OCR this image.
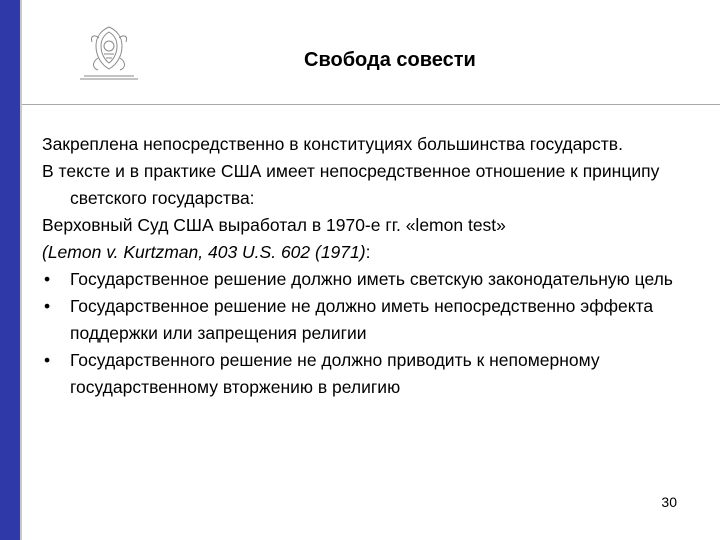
Свобода совести

Закреплена непосредственно в конституциях большинства государств.

В тексте и в практике США имеет непосредственное отношение к принципу светского государства:

Верховный Суд США выработал в 1970-е гг. «lemon test»

(Lemon v. Kurtzman, 403 U.S. 602 (1971):

• Государственное решение должно иметь светскую законодательную цель
• Государственное решение не должно иметь непосредственно эффекта поддержки или запрещения религии
• Государственного решение не должно приводить к непомерному государственному вторжению в религию
30
